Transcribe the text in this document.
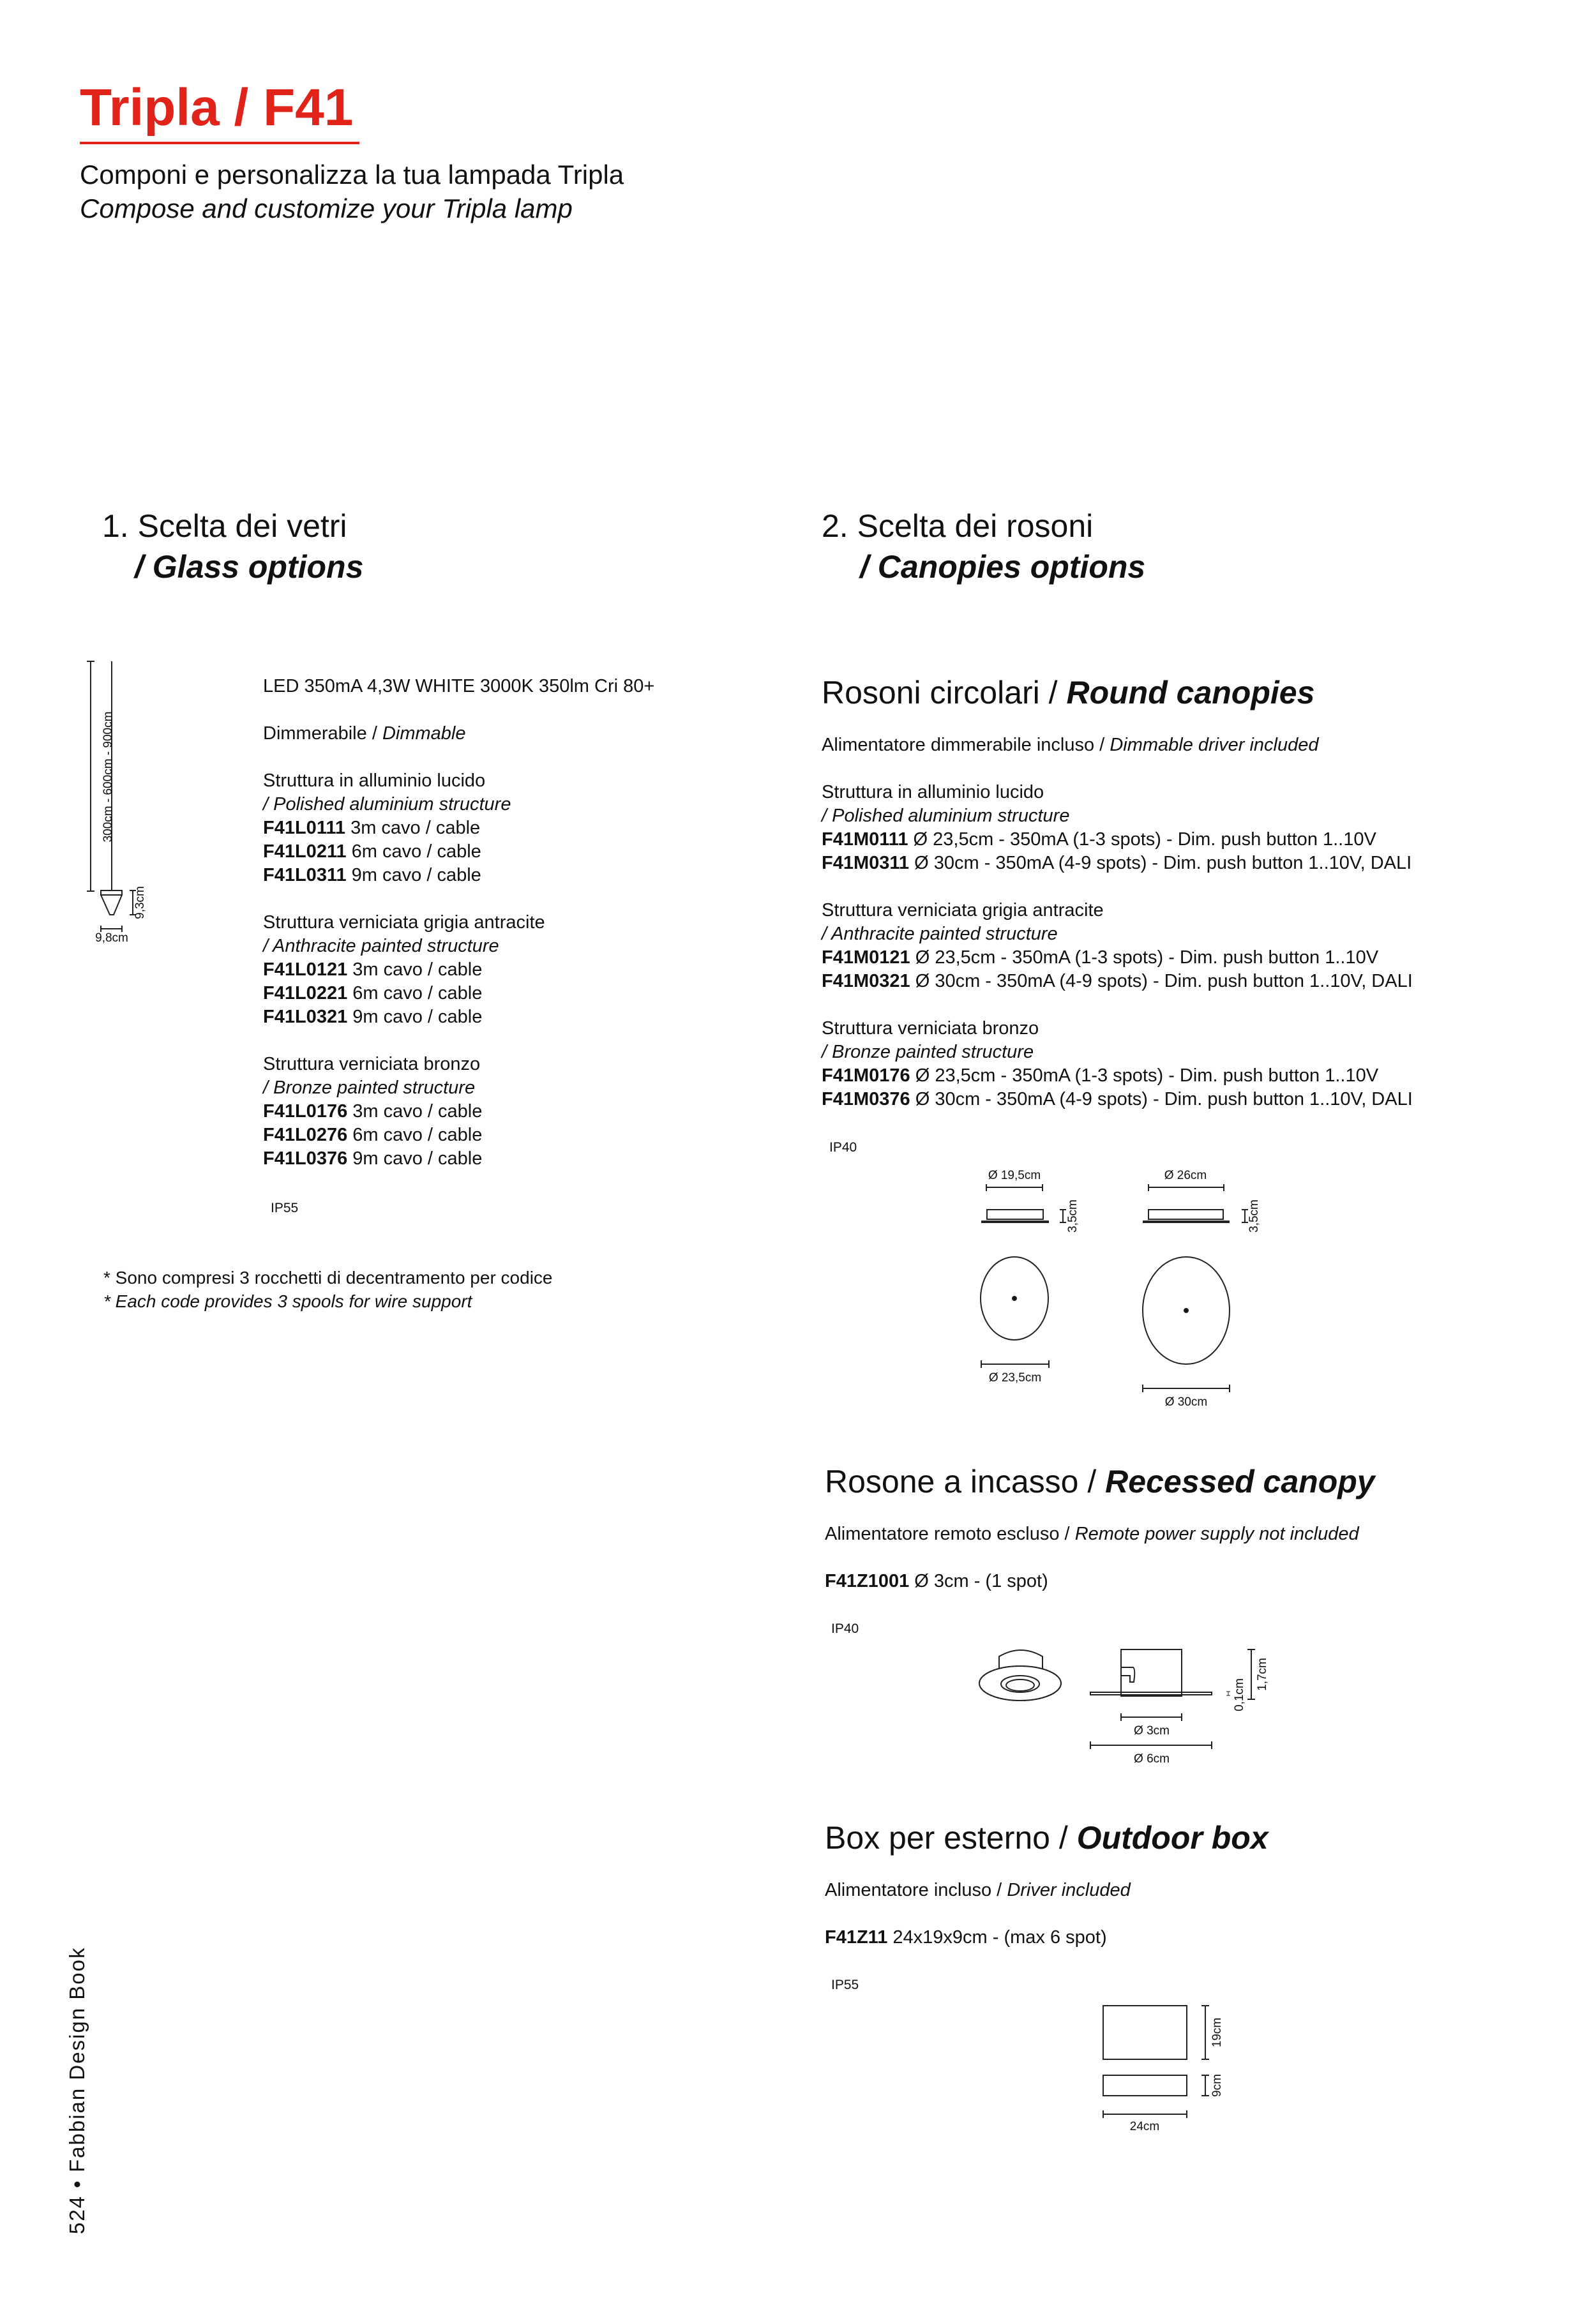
Tripla / F41
Componi e personalizza la tua lampada Tripla
Compose and customize your Tripla lamp
1. Scelta dei vetri
/ Glass options
2. Scelta dei rosoni
/ Canopies options
LED 350mA 4,3W WHITE 3000K 350lm Cri 80+
Dimmerabile / Dimmable
Struttura in alluminio lucido
/ Polished aluminium structure
F41L0111 3m cavo / cable
F41L0211 6m cavo / cable
F41L0311 9m cavo / cable
Struttura verniciata grigia antracite
/ Anthracite painted structure
F41L0121 3m cavo / cable
F41L0221 6m cavo / cable
F41L0321 9m cavo / cable
Struttura verniciata bronzo
/ Bronze painted structure
F41L0176 3m cavo / cable
F41L0276 6m cavo / cable
F41L0376 9m cavo / cable
IP55
* Sono compresi 3 rocchetti di decentramento per codice
* Each code provides 3 spools for wire support
Rosoni circolari / Round canopies
Alimentatore dimmerabile incluso / Dimmable driver included
Struttura in alluminio lucido
/ Polished aluminium structure
F41M0111 Ø 23,5cm - 350mA (1-3 spots) - Dim. push button 1..10V
F41M0311 Ø 30cm - 350mA (4-9 spots) - Dim. push button 1..10V, DALI
Struttura verniciata grigia antracite
/ Anthracite painted structure
F41M0121 Ø 23,5cm - 350mA (1-3 spots) - Dim. push button 1..10V
F41M0321 Ø 30cm - 350mA (4-9 spots) - Dim. push button 1..10V, DALI
Struttura verniciata bronzo
/ Bronze painted structure
F41M0176 Ø 23,5cm - 350mA (1-3 spots) - Dim. push button 1..10V
F41M0376 Ø 30cm - 350mA (4-9 spots) - Dim. push button 1..10V, DALI
IP40
Rosone a incasso / Recessed canopy
Alimentatore remoto escluso / Remote power supply not included
F41Z1001 Ø 3cm - (1 spot)
IP40
Box per esterno / Outdoor box
Alimentatore incluso / Driver included
F41Z11 24x19x9cm - (max 6 spot)
IP55
524 • Fabbian Design Book
300cm - 600cm - 900cm
9,3cm
9,8cm
Ø 19,5cm
3,5cm
Ø 23,5cm
Ø 26cm
3,5cm
Ø 30cm
Ø 3cm
Ø 6cm
0,1cm
1,7cm
19cm
9cm
24cm
